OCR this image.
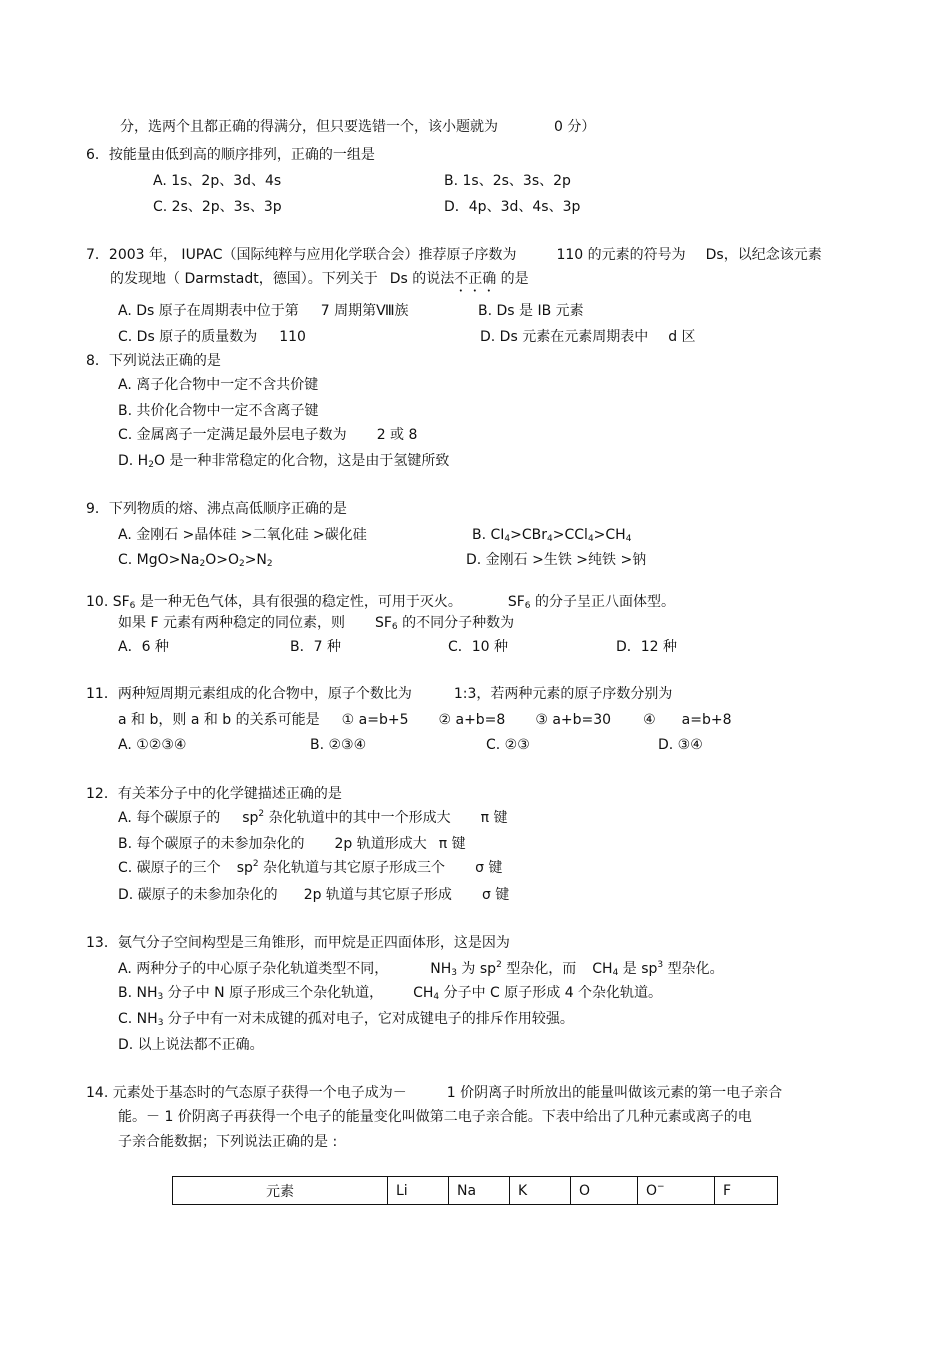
分，选两个且都正确的得满分，但只要选错一个，该小题就为	0 分）
6．按能量由低到高的顺序排列，正确的一组是
A. 1s、2p、3d、4s	B. 1s、2s、3s、2p
C. 2s、2p、3s、3p	D．4p、3d、4s、3p
7．2003 年， IUPAC（国际纯粹与应用化学联合会）推荐原子序数为	110 的元素的符号为 Ds，以纪念该元素
的发现地（ Darmstadt，德国）。下列关于 Ds 的说法不正确 的是
A. Ds 原子在周期表中位于第 7 周期第Ⅷ族	B. Ds 是 IB 元素
C. Ds 原子的质量数为 110	D. Ds 元素在元素周期表中 d 区
8．下列说法正确的是
A. 离子化合物中一定不含共价键
B. 共价化合物中一定不含离子键
C. 金属离子一定满足最外层电子数为 2 或 8
D. $H_2O$ 是一种非常稳定的化合物，这是由于氢键所致
9．下列物质的熔、沸点高低顺序正确的是
A. 金刚石 >晶体硅 >二氧化硅 >碳化硅	B. $CI_4>CBr_4>CCl_4>CH_4$
C. $MgO>Na_2O>O_2>N_2$	D. 金刚石 >生铁 >纯铁 >钠
10. $SF_6$ 是一种无色气体，具有很强的稳定性，可用于灭火。	$SF_6$ 的分子呈正八面体型。
如果 F 元素有两种稳定的同位素，则 $SF_6$ 的不同分子种数为
A．6 种	B．7 种	C．10 种	D．12 种
11．两种短周期元素组成的化合物中，原子个数比为	1:3，若两种元素的原子序数分别为
a 和 b，则 a 和 b 的关系可能是 ① a=b+5 ② a+b=8 ③ a+b=30 ④ a=b+8
A. ①②③④	B. ②③④	C. ②③	D. ③④
12．有关苯分子中的化学键描述正确的是
A. 每个碳原子的 $sp^2$ 杂化轨道中的其中一个形成大 π 键
B. 每个碳原子的未参加杂化的 2p 轨道形成大 π 键
C. 碳原子的三个 $sp^2$ 杂化轨道与其它原子形成三个 σ 键
D. 碳原子的未参加杂化的 2p 轨道与其它原子形成 σ 键
13．氨气分子空间构型是三角锥形，而甲烷是正四面体形，这是因为
A. 两种分子的中心原子杂化轨道类型不同，	$NH_3$ 为 $sp^2$ 型杂化，而 $CH_4$ 是 $sp^3$ 型杂化。
B. $NH_3$ 分子中 N 原子形成三个杂化轨道， $CH_4$ 分子中 C 原子形成 4 个杂化轨道。
C. $NH_3$ 分子中有一对未成键的孤对电子，它对成键电子的排斥作用较强。
D. 以上说法都不正确。
14. 元素处于基态时的气态原子获得一个电子成为－	1 价阴离子时所放出的能量叫做该元素的第一电子亲合
能。－ 1 价阴离子再获得一个电子的能量变化叫做第二电子亲合能。下表中给出了几种元素或离子的电
子亲合能数据；下列说法正确的是 :
元素	Li	Na	K	O	O−	F
